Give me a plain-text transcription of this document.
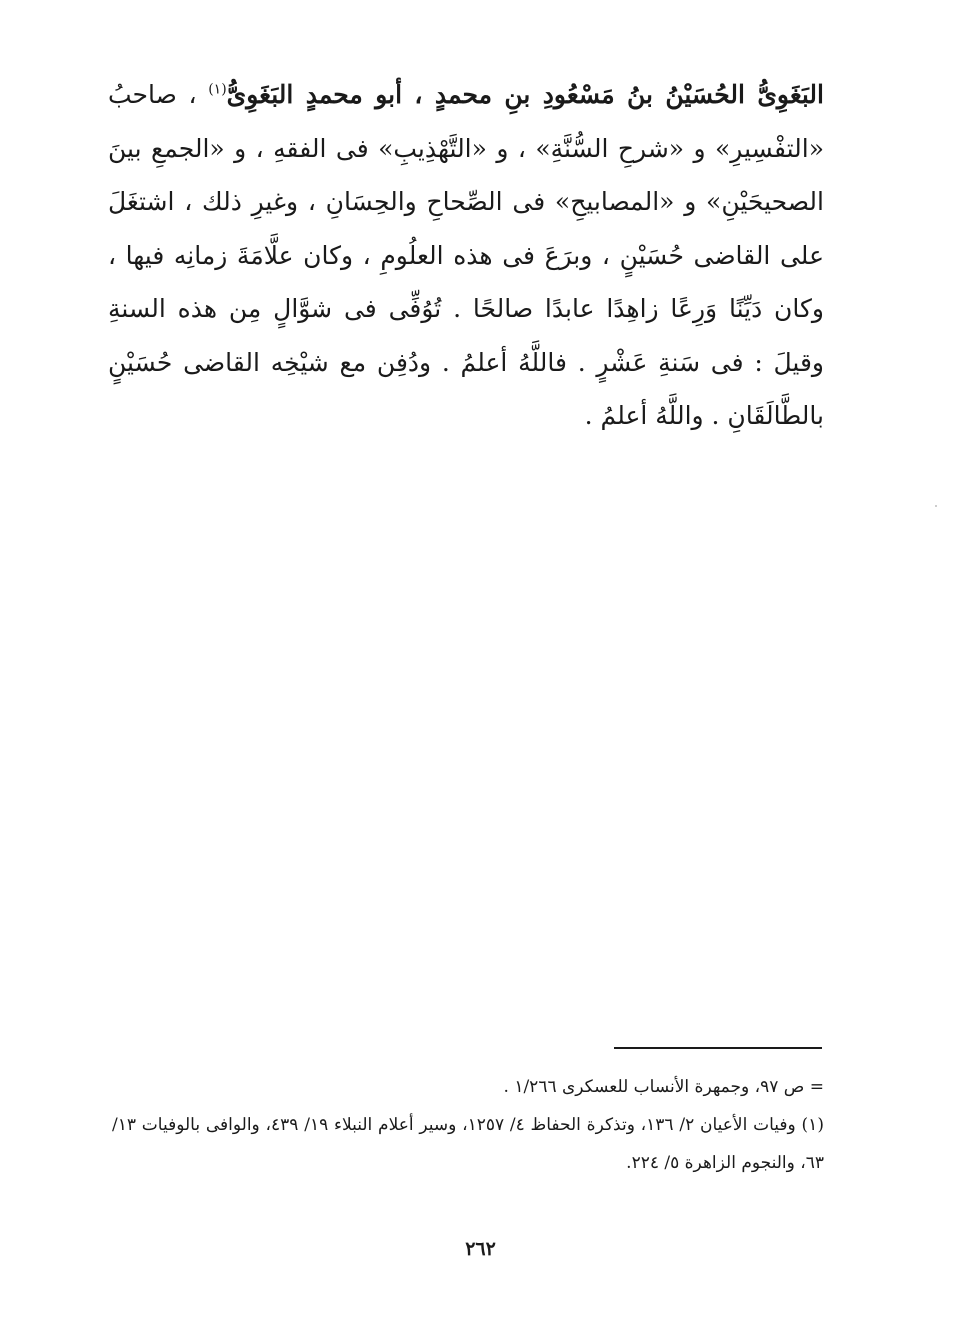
البَغَوِىُّ الحُسَيْنُ بنُ مَسْعُودِ بنِ محمدٍ ، أبو محمدٍ البَغَوِىُّ$^{(١)}$ ، صاحبُ «التفْسِيرِ» و «شرحِ السُّنَّةِ» ، و «التَّهْذِيبِ» فى الفقهِ ، و «الجمعِ بينَ الصحيحَيْنِ» و «المصابيحِ» فى الصِّحاحِ والحِسَانِ ، وغيرِ ذلك ، اشتغَلَ على القاضى حُسَيْنٍ ، وبرَعَ فى هذه العلُومِ ، وكان علَّامَةَ زمانِه فيها ، وكان دَيِّنًا وَرِعًا زاهِدًا عابدًا صالحًا . تُوُفِّى فى شوَّالٍ مِن هذه السنةِ وقيلَ : فى سَنةِ عَشْرٍ . فاللَّهُ أعلمُ . ودُفِن مع شيْخِه القاضى حُسَيْنٍ بالطَّالَقَانِ . واللَّهُ أعلمُ .

= ص ٩٧، وجمهرة الأنساب للعسكرى ١/٢٦٦ .

(١) وفيات الأعيان ٢/ ١٣٦، وتذكرة الحفاظ ٤/ ١٢٥٧، وسير أعلام النبلاء ١٩/ ٤٣٩، والوافى بالوفيات ١٣/ ٦٣، والنجوم الزاهرة ٥/ ٢٢٤.

٢٦٢
